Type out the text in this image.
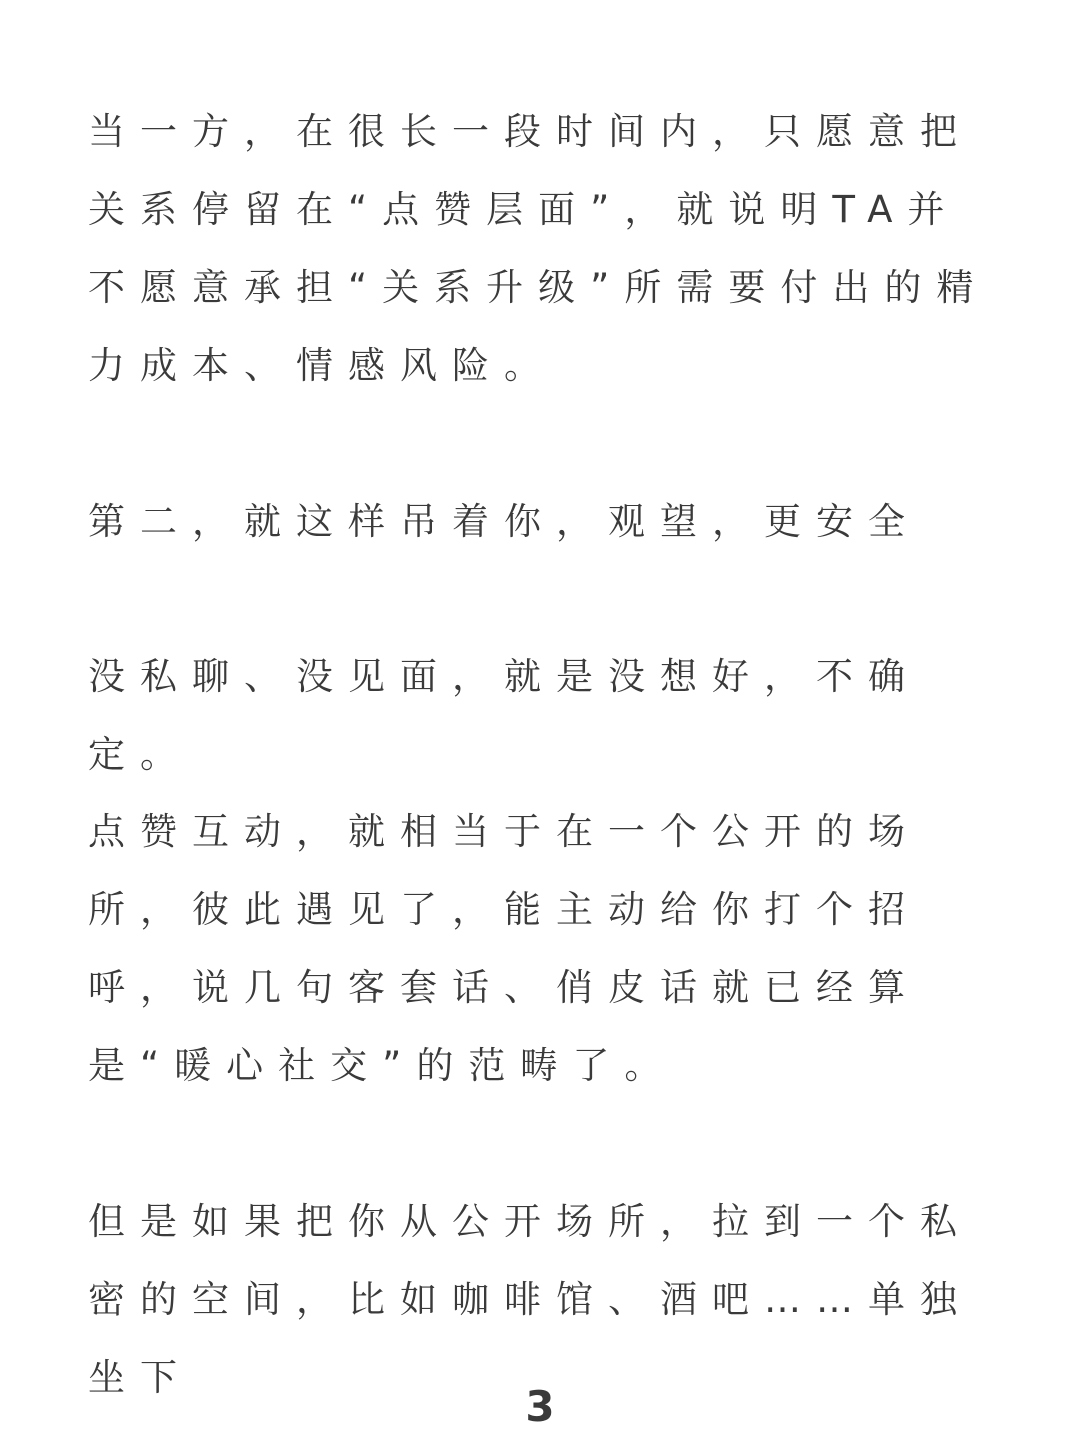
当一方，在很长一段时间内，只愿意把关系停留在“点赞层面”，就说明TA并不愿意承担“关系升级”所需要付出的精力成本、情感风险。

第二，就这样吊着你，观望，更安全

没私聊、没见面，就是没想好，不确定。

点赞互动，就相当于在一个公开的场所，彼此遇见了，能主动给你打个招呼，说几句客套话、俏皮话就已经算是“暖心社交”的范畴了。

但是如果把你从公开场所，拉到一个私密的空间，比如咖啡馆、酒吧……单独坐下

3
